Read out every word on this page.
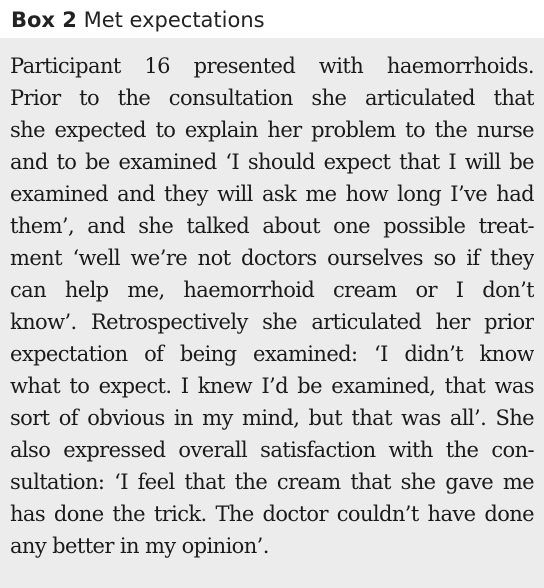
Box 2 Met expectations

Participant 16 presented with haemorrhoids.
Prior to the consultation she articulated that
she expected to explain her problem to the nurse
and to be examined ‘I should expect that I will be
examined and they will ask me how long I’ve had
them’, and she talked about one possible treat-
ment ‘well we’re not doctors ourselves so if they
can help me, haemorrhoid cream or I don’t
know’. Retrospectively she articulated her prior
expectation of being examined: ‘I didn’t know
what to expect. I knew I’d be examined, that was
sort of obvious in my mind, but that was all’. She
also expressed overall satisfaction with the con-
sultation: ‘I feel that the cream that she gave me
has done the trick. The doctor couldn’t have done
any better in my opinion’.
